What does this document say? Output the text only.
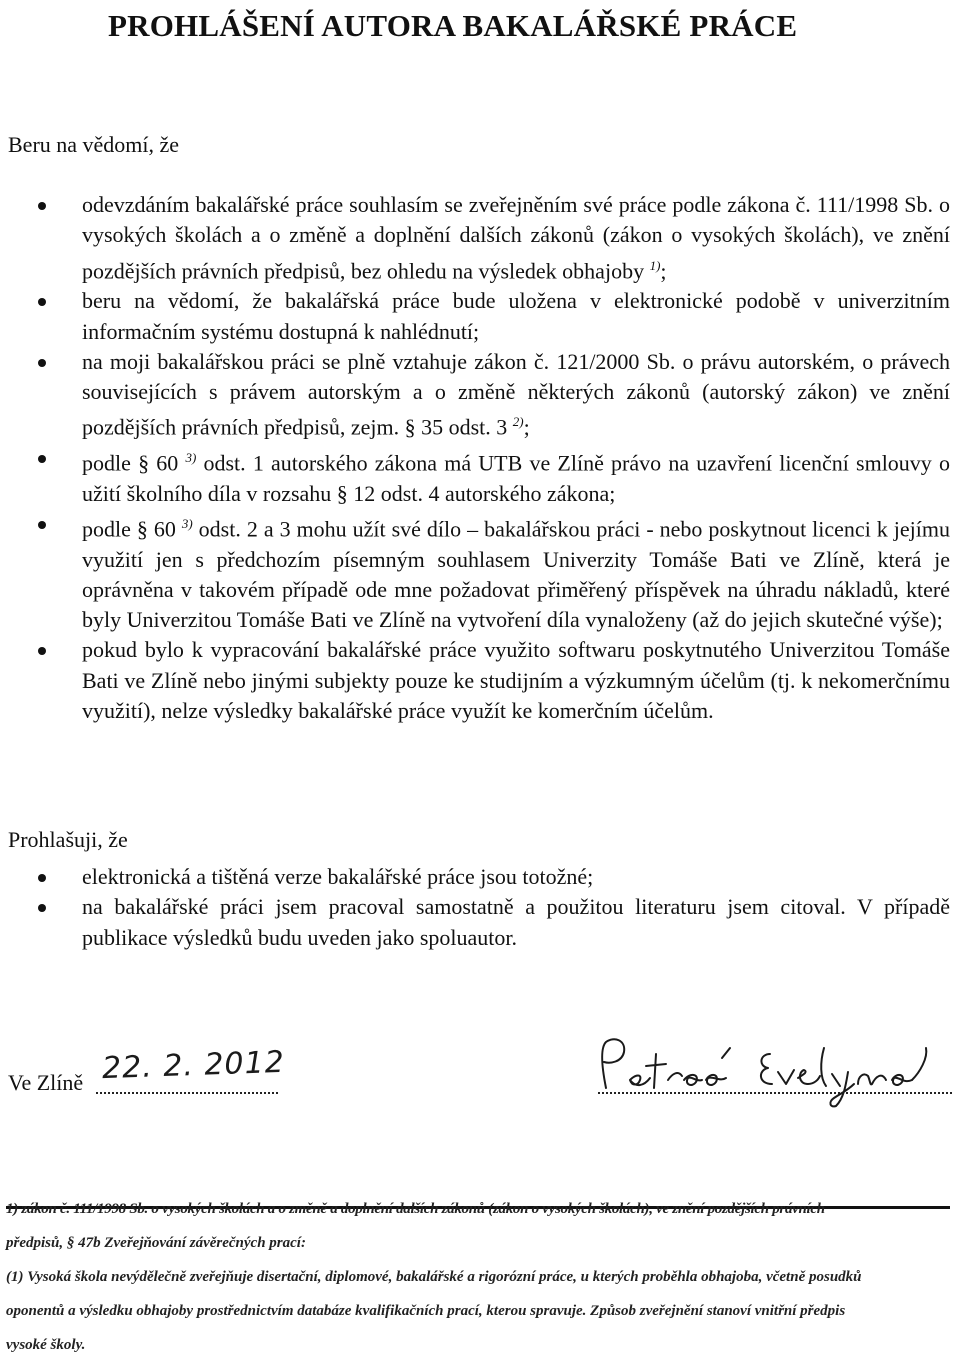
PROHLÁŠENÍ AUTORA BAKALÁŘSKÉ PRÁCE
Beru na vědomí, že
odevzdáním bakalářské práce souhlasím se zveřejněním své práce podle zákona č. 111/1998 Sb. o vysokých školách a o změně a doplnění dalších zákonů (zákon o vysokých školách), ve znění pozdějších právních předpisů, bez ohledu na výsledek obhajoby $^{1)}$;
beru na vědomí, že bakalářská práce bude uložena v elektronické podobě v univerzitním informačním systému dostupná k nahlédnutí;
na moji bakalářskou práci se plně vztahuje zákon č. 121/2000 Sb. o právu autorském, o právech souvisejících s právem autorským a o změně některých zákonů (autorský zákon) ve znění pozdějších právních předpisů, zejm. § 35 odst. 3 $^{2)}$;
podle § 60 $^{3)}$ odst. 1 autorského zákona má UTB ve Zlíně právo na uzavření licenční smlouvy o užití školního díla v rozsahu § 12 odst. 4 autorského zákona;
podle § 60 $^{3)}$ odst. 2 a 3 mohu užít své dílo – bakalářskou práci - nebo poskytnout licenci k jejímu využití jen s předchozím písemným souhlasem Univerzity Tomáše Bati ve Zlíně, která je oprávněna v takovém případě ode mne požadovat přiměřený příspěvek na úhradu nákladů, které byly Univerzitou Tomáše Bati ve Zlíně na vytvoření díla vynaloženy (až do jejich skutečné výše);
pokud bylo k vypracování bakalářské práce využito softwaru poskytnutého Univerzitou Tomáše Bati ve Zlíně nebo jinými subjekty pouze ke studijním a výzkumným účelům (tj. k nekomerčnímu využití), nelze výsledky bakalářské práce využít ke komerčním účelům.
Prohlašuji, že
elektronická a tištěná verze bakalářské práce jsou totožné;
na bakalářské práci jsem pracoval samostatně a použitou literaturu jsem citoval. V případě publikace výsledků budu uveden jako spoluautor.
Ve Zlíně 22. 2. 2012
1) zákon č. 111/1998 Sb. o vysokých školách a o změně a doplnění dalších zákonů (zákon o vysokých školách), ve znění pozdějších právních
předpisů, § 47b Zveřejňování závěrečných prací:
(1) Vysoká škola nevýdělečně zveřejňuje disertační, diplomové, bakalářské a rigorózní práce, u kterých proběhla obhajoba, včetně posudků
oponentů a výsledku obhajoby prostřednictvím databáze kvalifikačních prací, kterou spravuje. Způsob zveřejnění stanoví vnitřní předpis
vysoké školy.
